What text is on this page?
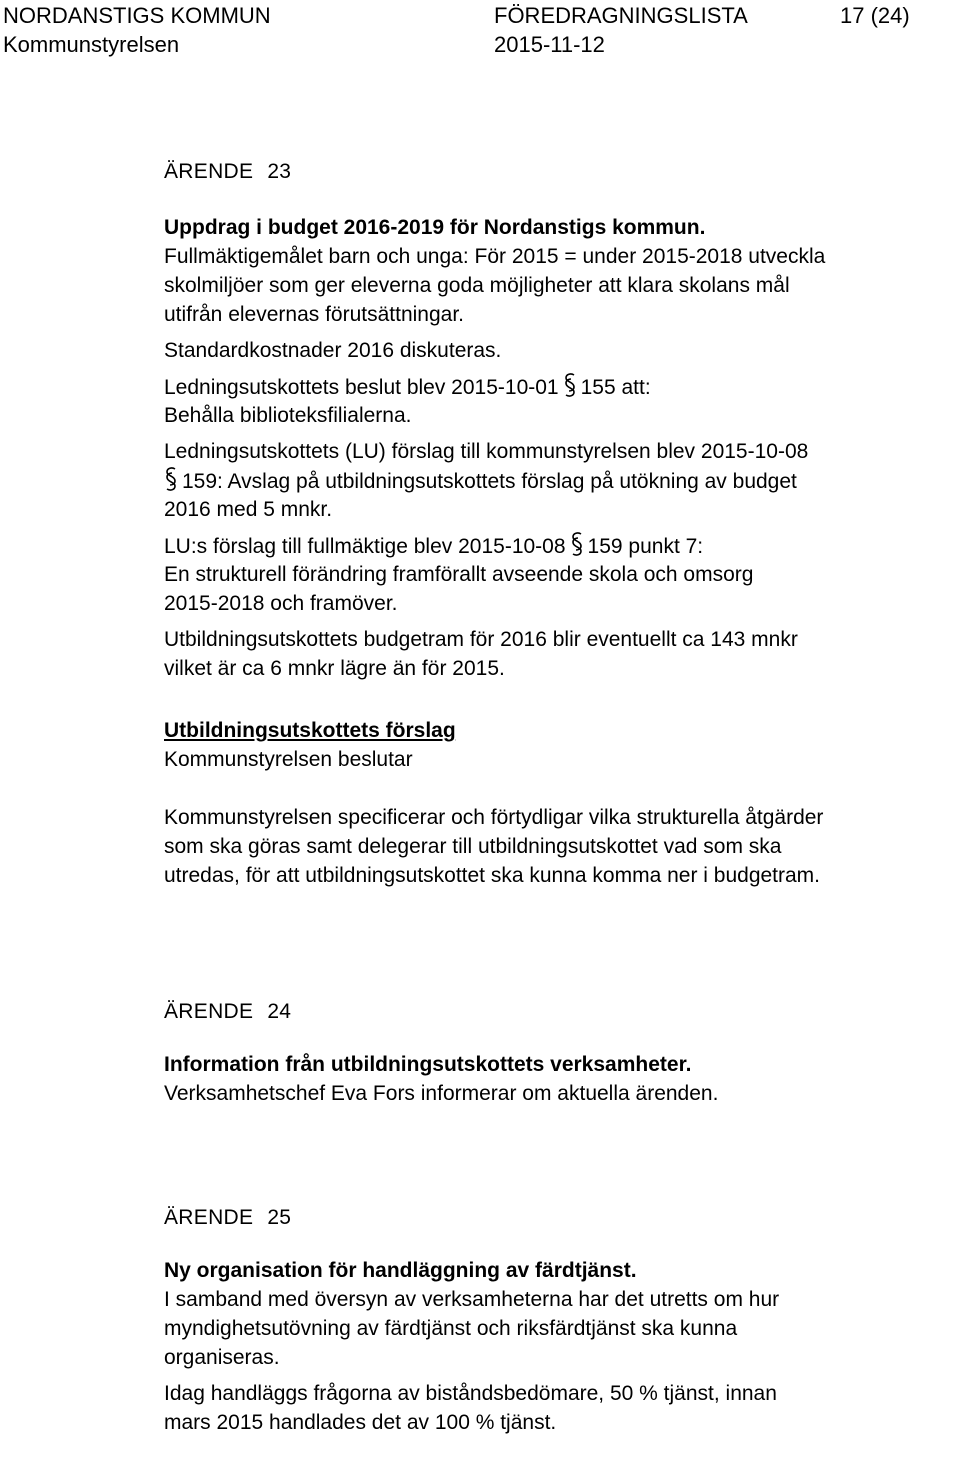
NORDANSTIGS KOMMUN	FÖREDRAGNINGSLISTA	17 (24)
Kommunstyrelsen	2015-11-12
ÄRENDE 23
Uppdrag i budget 2016-2019 för Nordanstigs kommun.
Fullmäktigemålet barn och unga: För 2015 = under 2015-2018 utveckla
skolmiljöer som ger eleverna goda möjligheter att klara skolans mål
utifrån elevernas förutsättningar.
Standardkostnader 2016 diskuteras.
Ledningsutskottets beslut blev 2015-10-01 155 att:
Behålla biblioteksfilialerna.
Ledningsutskottets (LU) förslag till kommunstyrelsen blev 2015-10-08
159: Avslag på utbildningsutskottets förslag på utökning av budget
2016 med 5 mnkr.
LU:s förslag till fullmäktige blev 2015-10-08 159 punkt 7:
En strukturell förändring framförallt avseende skola och omsorg
2015-2018 och framöver.
Utbildningsutskottets budgetram för 2016 blir eventuellt ca 143 mnkr
vilket är ca 6 mnkr lägre än för 2015.
Utbildningsutskottets förslag
Kommunstyrelsen beslutar
Kommunstyrelsen specificerar och förtydligar vilka strukturella åtgärder
som ska göras samt delegerar till utbildningsutskottet vad som ska
utredas, för att utbildningsutskottet ska kunna komma ner i budgetram.
ÄRENDE 24
Information från utbildningsutskottets verksamheter.
Verksamhetschef Eva Fors informerar om aktuella ärenden.
ÄRENDE 25
Ny organisation för handläggning av färdtjänst.
I samband med översyn av verksamheterna har det utretts om hur
myndighetsutövning av färdtjänst och riksfärdtjänst ska kunna
organiseras.
Idag handläggs frågorna av biståndsbedömare, 50 % tjänst, innan
mars 2015 handlades det av 100 % tjänst.
